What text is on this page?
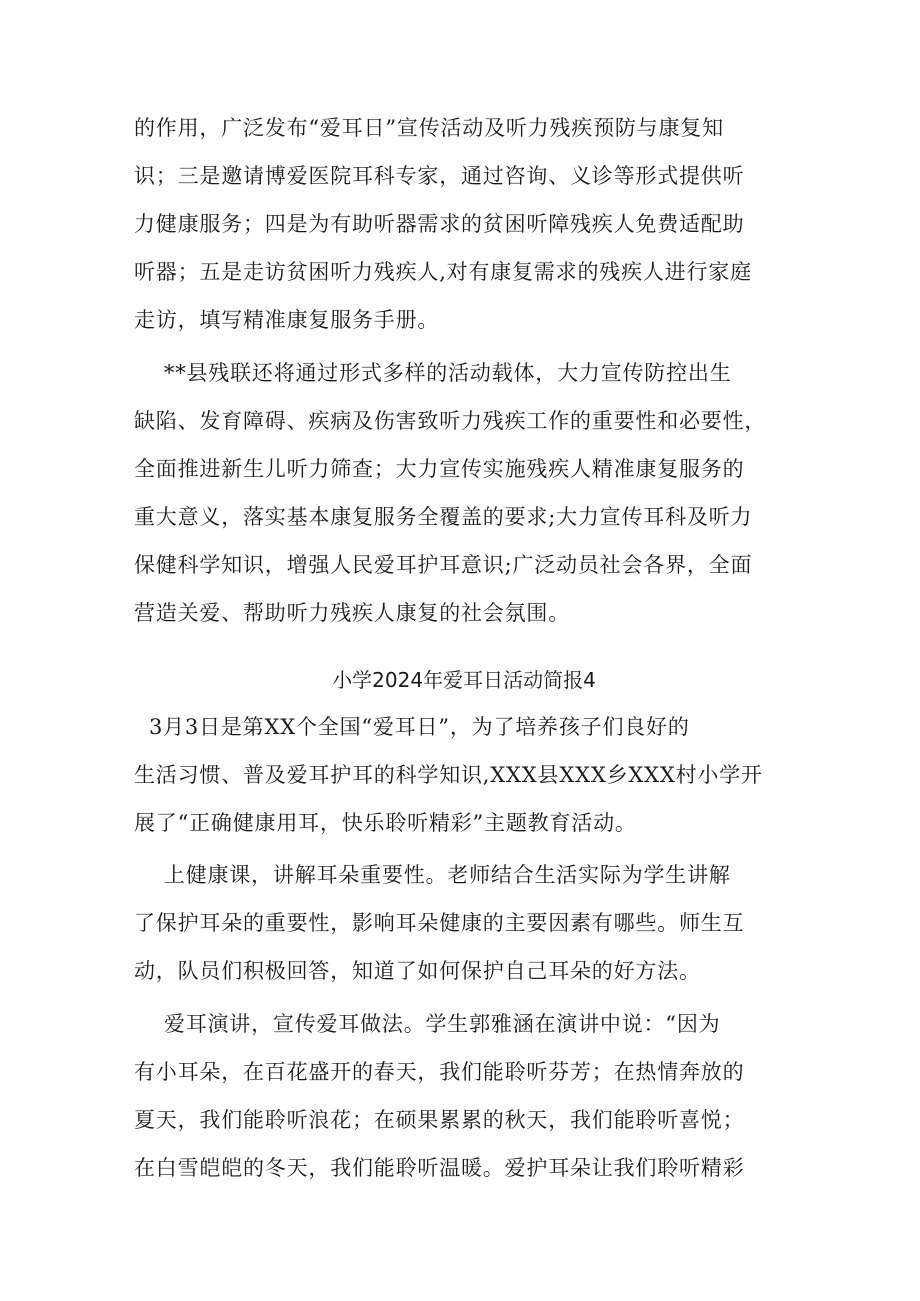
的作用，广泛发布“爱耳日”宣传活动及听力残疾预防与康复知
识；三是邀请博爱医院耳科专家，通过咨询、义诊等形式提供听
力健康服务；四是为有助听器需求的贫困听障残疾人免费适配助
听器；五是走访贫困听力残疾人,对有康复需求的残疾人进行家庭
走访，填写精准康复服务手册。
**县残联还将通过形式多样的活动载体，大力宣传防控出生
缺陷、发育障碍、疾病及伤害致听力残疾工作的重要性和必要性，
全面推进新生儿听力筛查；大力宣传实施残疾人精准康复服务的
重大意义，落实基本康复服务全覆盖的要求;大力宣传耳科及听力
保健科学知识，增强人民爱耳护耳意识;广泛动员社会各界，全面
营造关爱、帮助听力残疾人康复的社会氛围。
小学2024年爱耳日活动简报4
3月3日是第XX个全国“爱耳日”，为了培养孩子们良好的
生活习惯、普及爱耳护耳的科学知识,XXX县XXX乡XXX村小学开
展了“正确健康用耳，快乐聆听精彩”主题教育活动。
上健康课，讲解耳朵重要性。老师结合生活实际为学生讲解
了保护耳朵的重要性，影响耳朵健康的主要因素有哪些。师生互
动，队员们积极回答，知道了如何保护自己耳朵的好方法。
爱耳演讲，宣传爱耳做法。学生郭雅涵在演讲中说：“因为
有小耳朵，在百花盛开的春天，我们能聆听芬芳；在热情奔放的
夏天，我们能聆听浪花；在硕果累累的秋天，我们能聆听喜悦；
在白雪皑皑的冬天，我们能聆听温暖。爱护耳朵让我们聆听精彩
